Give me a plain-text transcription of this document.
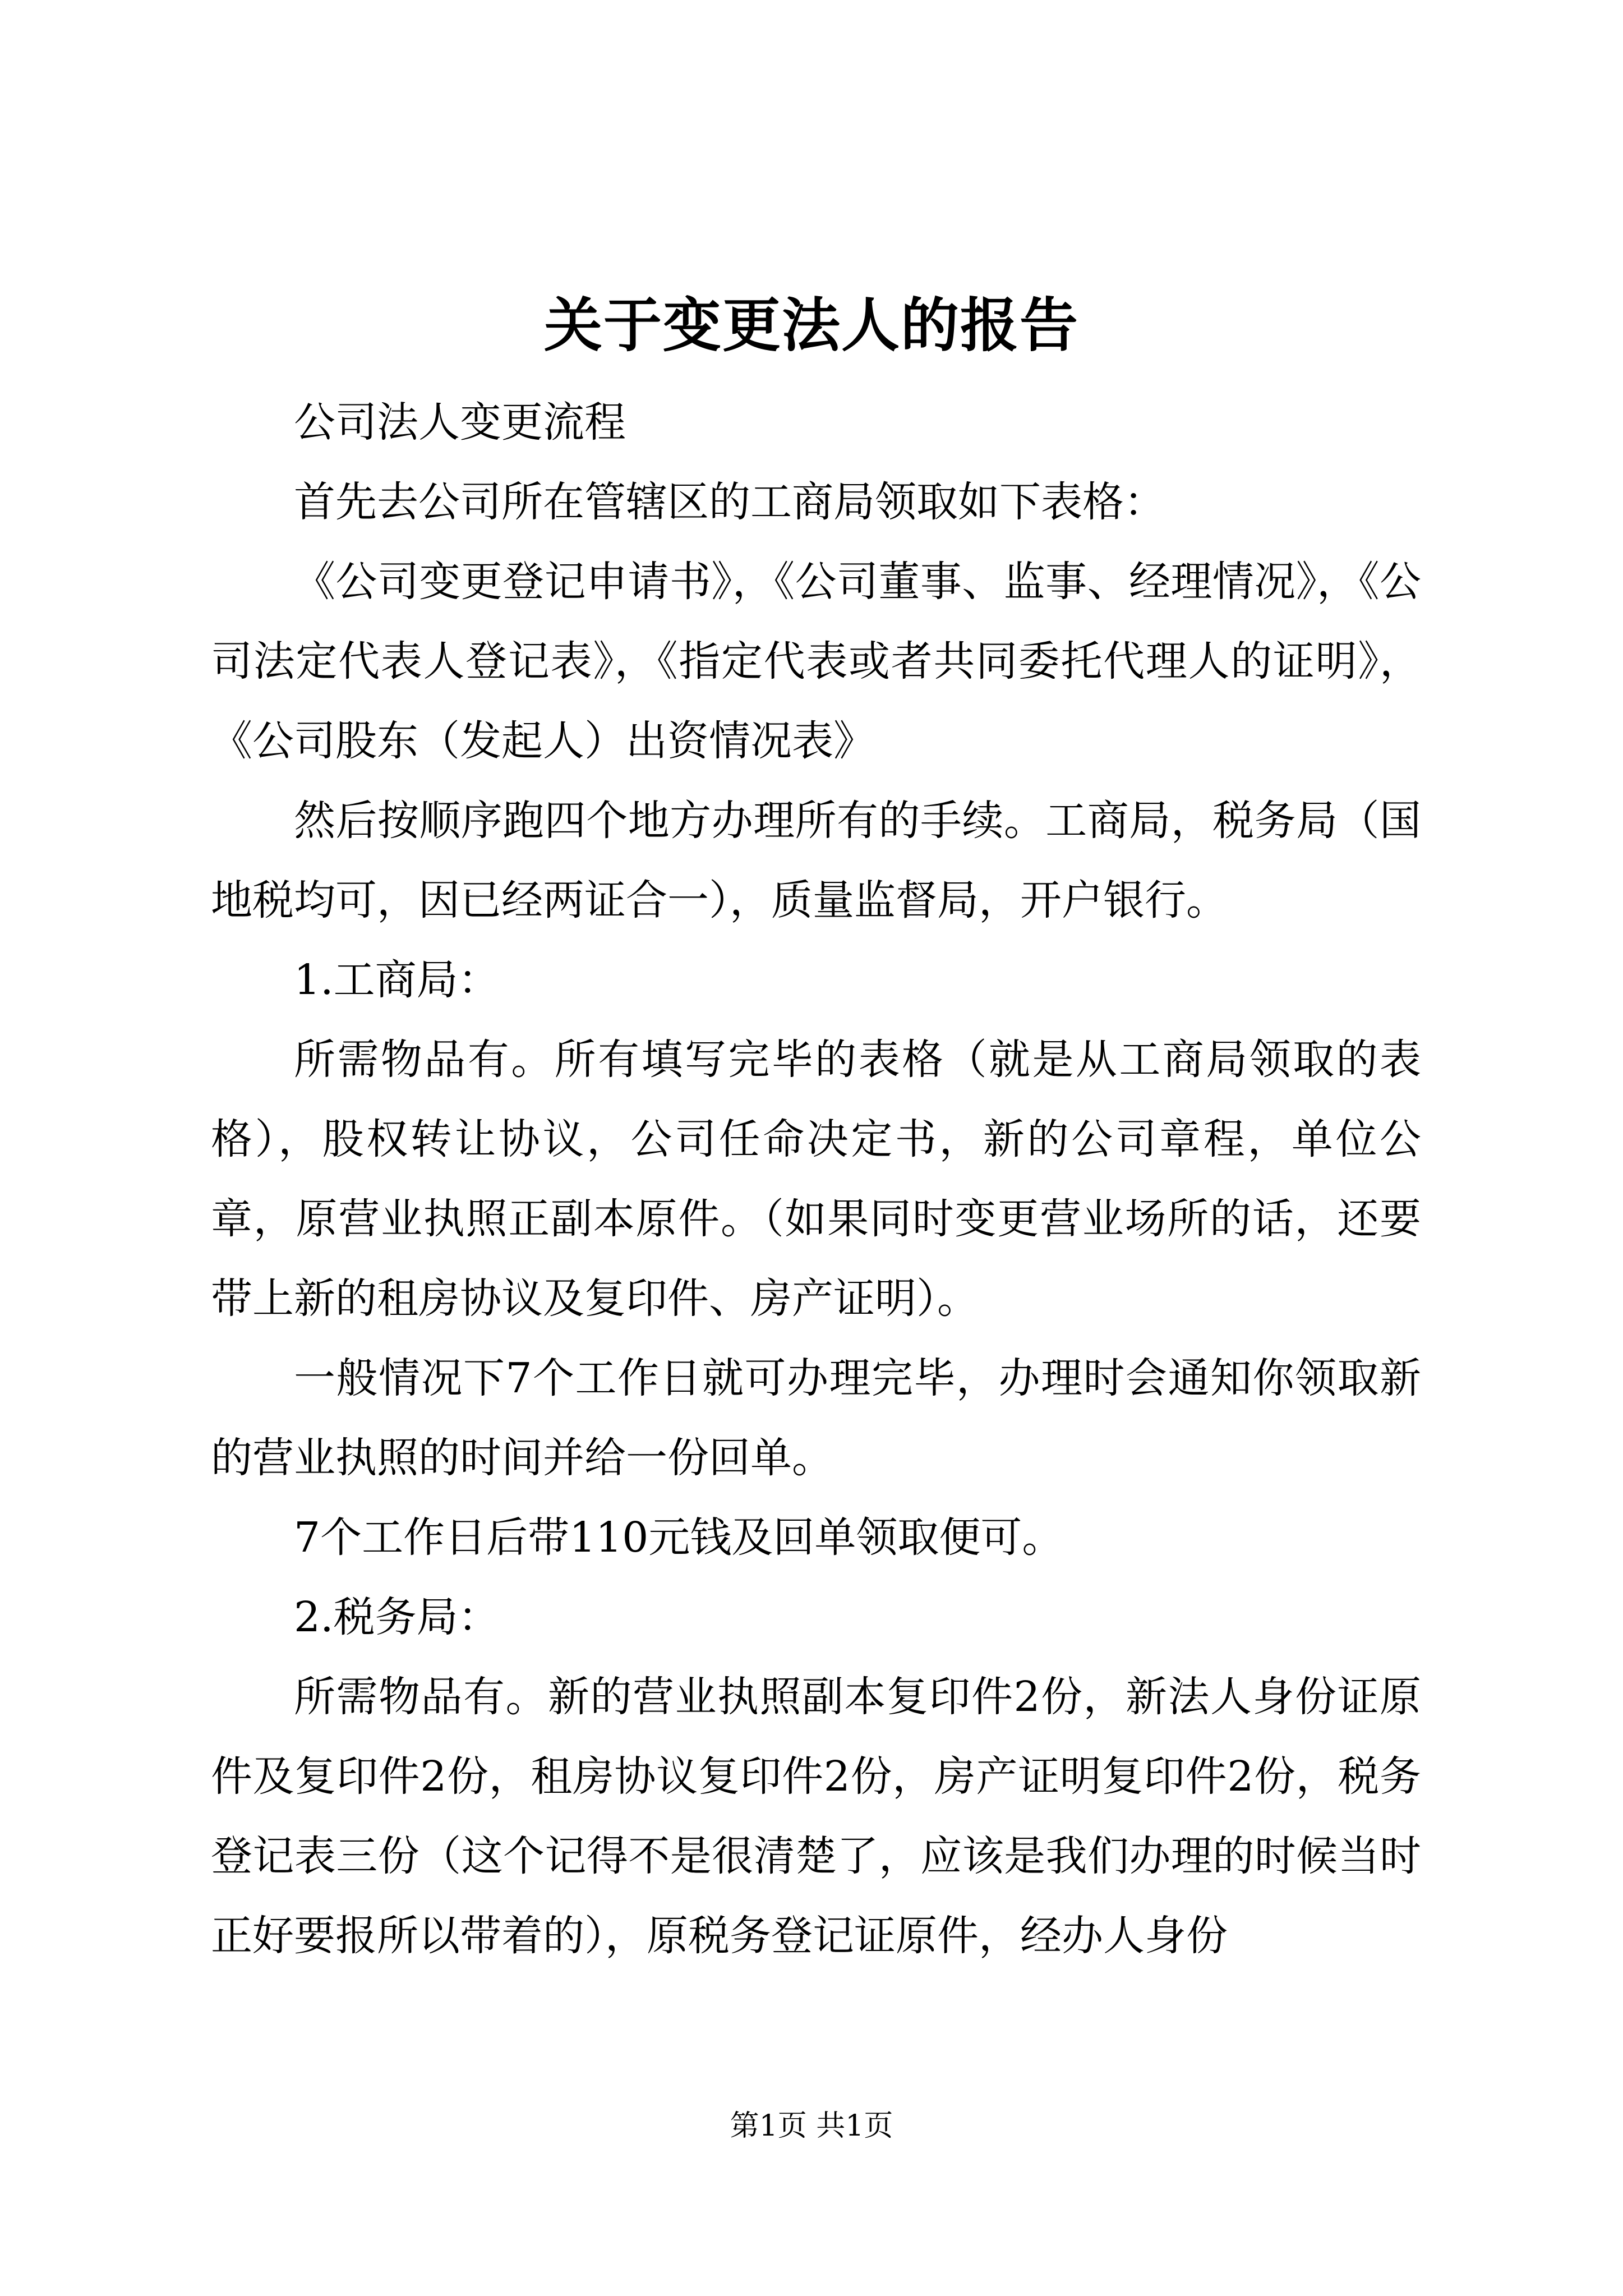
关于变更法人的报告

公司法人变更流程

首先去公司所在管辖区的工商局领取如下表格：

《公司变更登记申请书》，《公司董事、监事、经理情况》，《公司法定代表人登记表》，《指定代表或者共同委托代理人的证明》，《公司股东（发起人）出资情况表》

然后按顺序跑四个地方办理所有的手续。工商局，税务局（国地税均可，因已经两证合一），质量监督局，开户银行。

1.工商局：

所需物品有。所有填写完毕的表格（就是从工商局领取的表格），股权转让协议，公司任命决定书，新的公司章程，单位公章，原营业执照正副本原件。（如果同时变更营业场所的话，还要带上新的租房协议及复印件、房产证明）。

一般情况下7个工作日就可办理完毕，办理时会通知你领取新的营业执照的时间并给一份回单。

7个工作日后带110元钱及回单领取便可。

2.税务局：

所需物品有。新的营业执照副本复印件2份，新法人身份证原件及复印件2份，租房协议复印件2份，房产证明复印件2份，税务登记表三份（这个记得不是很清楚了，应该是我们办理的时候当时正好要报所以带着的），原税务登记证原件，经办人身份

第1页 共1页
